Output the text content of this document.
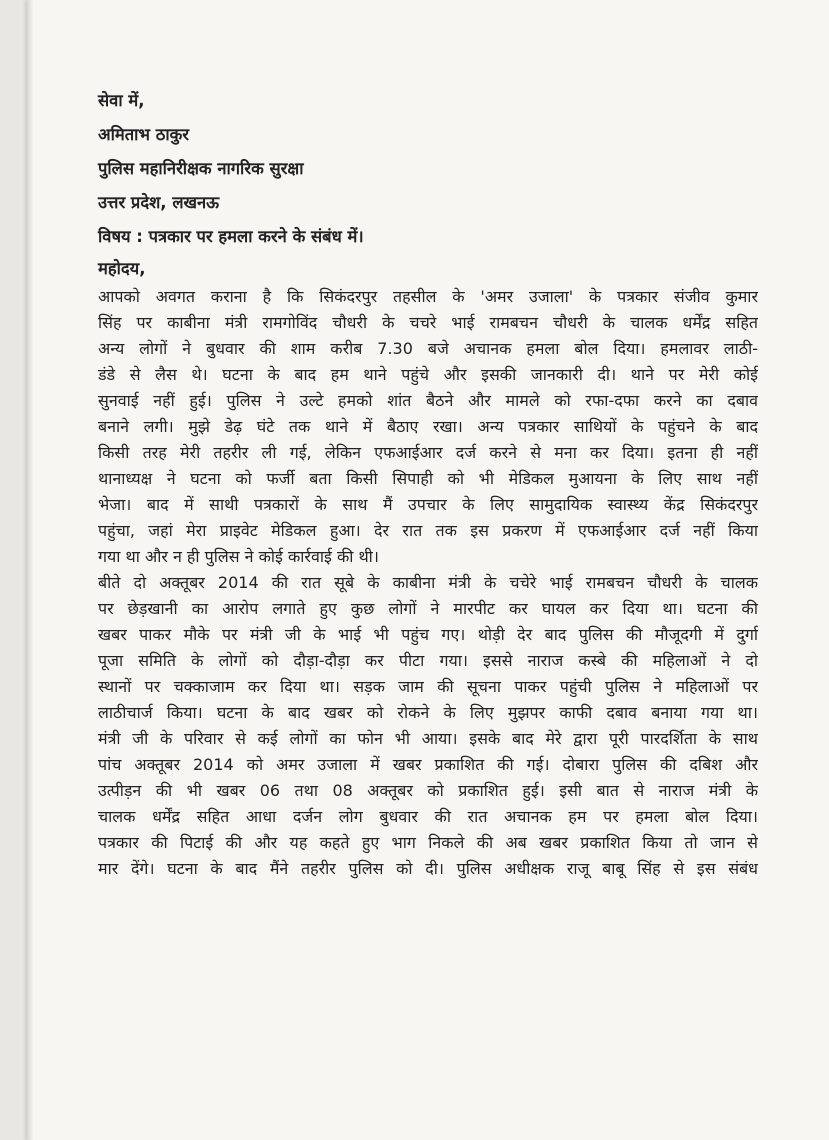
सेवा में,
अमिताभ ठाकुर
पुलिस महानिरीक्षक नागरिक सुरक्षा
उत्तर प्रदेश, लखनऊ
विषय : पत्रकार पर हमला करने के संबंध में।
महोदय,
आपको अवगत कराना है कि सिकंदरपुर तहसील के 'अमर उजाला' के पत्रकार संजीव कुमार
सिंह पर काबीना मंत्री रामगोविंद चौधरी के चचरे भाई रामबचन चौधरी के चालक धर्मेंद्र सहित
अन्य लोगों ने बुधवार की शाम करीब 7.30 बजे अचानक हमला बोल दिया। हमलावर लाठी-
डंडे से लैस थे। घटना के बाद हम थाने पहुंचे और इसकी जानकारी दी। थाने पर मेरी कोई
सुनवाई नहीं हुई। पुलिस ने उल्टे हमको शांत बैठने और मामले को रफा-दफा करने का दबाव
बनाने लगी। मुझे डेढ़ घंटे तक थाने में बैठाए रखा। अन्य पत्रकार साथियों के पहुंचने के बाद
किसी तरह मेरी तहरीर ली गई, लेकिन एफआईआर दर्ज करने से मना कर दिया। इतना ही नहीं
थानाध्यक्ष ने घटना को फर्जी बता किसी सिपाही को भी मेडिकल मुआयना के लिए साथ नहीं
भेजा। बाद में साथी पत्रकारों के साथ मैं उपचार के लिए सामुदायिक स्वास्थ्य केंद्र सिकंदरपुर
पहुंचा, जहां मेरा प्राइवेट मेडिकल हुआ। देर रात तक इस प्रकरण में एफआईआर दर्ज नहीं किया
गया था और न ही पुलिस ने कोई कार्रवाई की थी।
बीते दो अक्तूबर 2014 की रात सूबे के काबीना मंत्री के चचेरे भाई रामबचन चौधरी के चालक
पर छेड़खानी का आरोप लगाते हुए कुछ लोगों ने मारपीट कर घायल कर दिया था। घटना की
खबर पाकर मौके पर मंत्री जी के भाई भी पहुंच गए। थोड़ी देर बाद पुलिस की मौजूदगी में दुर्गा
पूजा समिति के लोगों को दौड़ा-दौड़ा कर पीटा गया। इससे नाराज कस्बे की महिलाओं ने दो
स्थानों पर चक्काजाम कर दिया था। सड़क जाम की सूचना पाकर पहुंची पुलिस ने महिलाओं पर
लाठीचार्ज किया। घटना के बाद खबर को रोकने के लिए मुझपर काफी दबाव बनाया गया था।
मंत्री जी के परिवार से कई लोगों का फोन भी आया। इसके बाद मेरे द्वारा पूरी पारदर्शिता के साथ
पांच अक्तूबर 2014 को अमर उजाला में खबर प्रकाशित की गई। दोबारा पुलिस की दबिश और
उत्पीड़न की भी खबर 06 तथा 08 अक्तूबर को प्रकाशित हुई। इसी बात से नाराज मंत्री के
चालक धर्मेंद्र सहित आधा दर्जन लोग बुधवार की रात अचानक हम पर हमला बोल दिया।
पत्रकार की पिटाई की और यह कहते हुए भाग निकले की अब खबर प्रकाशित किया तो जान से
मार देंगे। घटना के बाद मैंने तहरीर पुलिस को दी। पुलिस अधीक्षक राजू बाबू सिंह से इस संबंध
